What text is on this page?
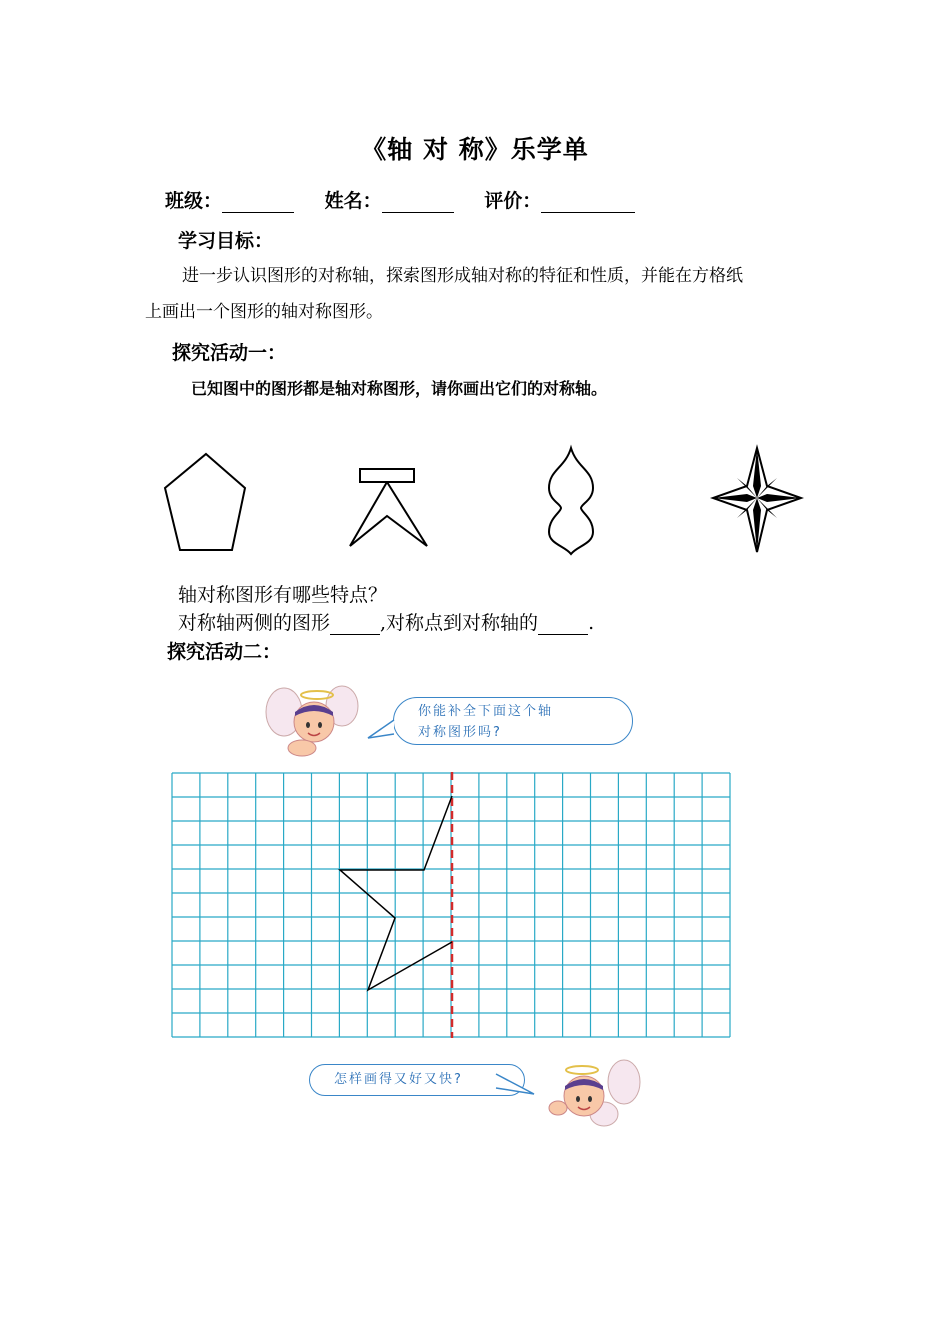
《轴 对 称》乐学单
班级：	姓名：	评价：
学习目标：
进一步认识图形的对称轴，探索图形成轴对称的特征和性质，并能在方格纸
上画出一个图形的轴对称图形。
探究活动一：
已知图中的图形都是轴对称图形，请你画出它们的对称轴。
轴对称图形有哪些特点？
对称轴两侧的图形	,对称点到对称轴的	.
探究活动二：
你能补全下面这个轴
对称图形吗?
怎样画得又好又快?
